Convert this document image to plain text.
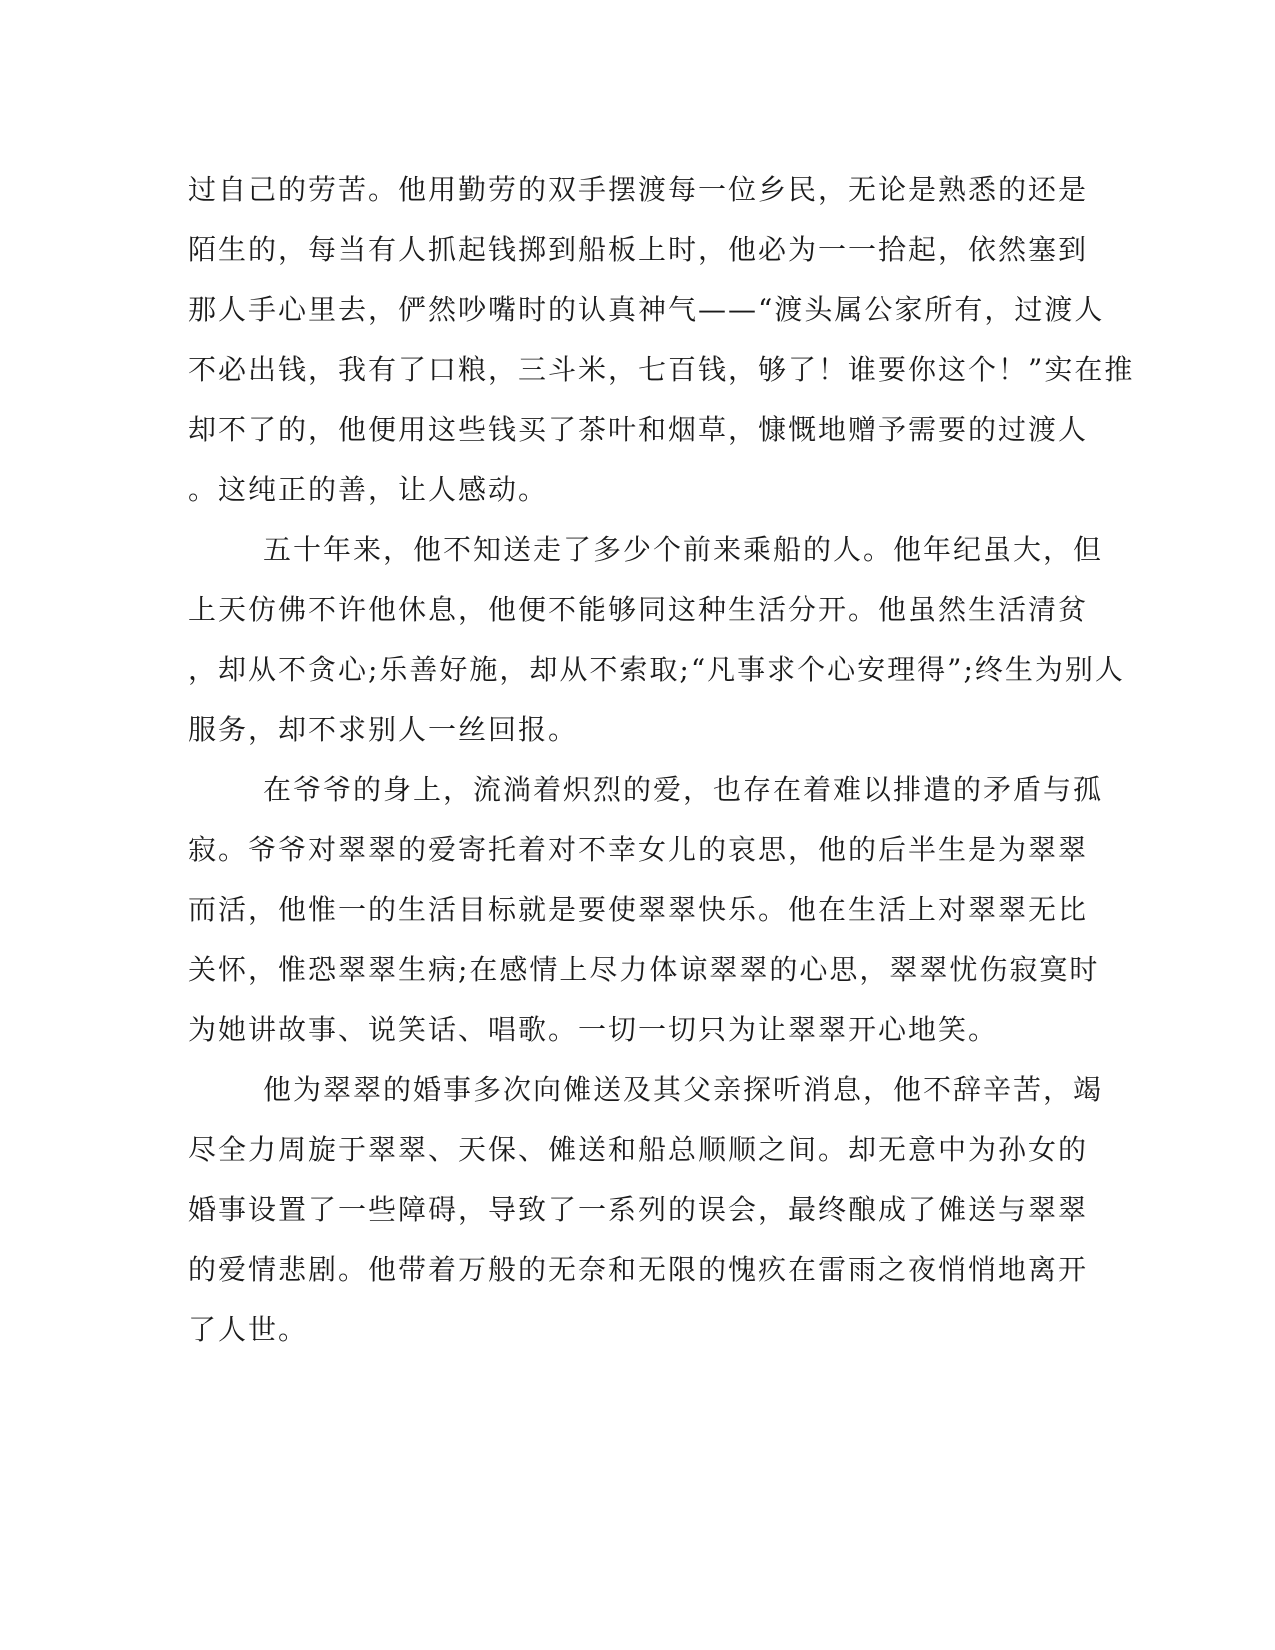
过自己的劳苦。他用勤劳的双手摆渡每一位乡民，无论是熟悉的还是
陌生的，每当有人抓起钱掷到船板上时，他必为一一拾起，依然塞到
那人手心里去，俨然吵嘴时的认真神气——“渡头属公家所有，过渡人
不必出钱，我有了口粮，三斗米，七百钱，够了！谁要你这个！”实在推
却不了的，他便用这些钱买了茶叶和烟草，慷慨地赠予需要的过渡人
。这纯正的善，让人感动。
五十年来，他不知送走了多少个前来乘船的人。他年纪虽大，但
上天仿佛不许他休息，他便不能够同这种生活分开。他虽然生活清贫
，却从不贪心;乐善好施，却从不索取;“凡事求个心安理得”;终生为别人
服务，却不求别人一丝回报。
在爷爷的身上，流淌着炽烈的爱，也存在着难以排遣的矛盾与孤
寂。爷爷对翠翠的爱寄托着对不幸女儿的哀思，他的后半生是为翠翠
而活，他惟一的生活目标就是要使翠翠快乐。他在生活上对翠翠无比
关怀，惟恐翠翠生病;在感情上尽力体谅翠翠的心思，翠翠忧伤寂寞时
为她讲故事、说笑话、唱歌。一切一切只为让翠翠开心地笑。
他为翠翠的婚事多次向傩送及其父亲探听消息，他不辞辛苦，竭
尽全力周旋于翠翠、天保、傩送和船总顺顺之间。却无意中为孙女的
婚事设置了一些障碍，导致了一系列的误会，最终酿成了傩送与翠翠
的爱情悲剧。他带着万般的无奈和无限的愧疚在雷雨之夜悄悄地离开
了人世。
